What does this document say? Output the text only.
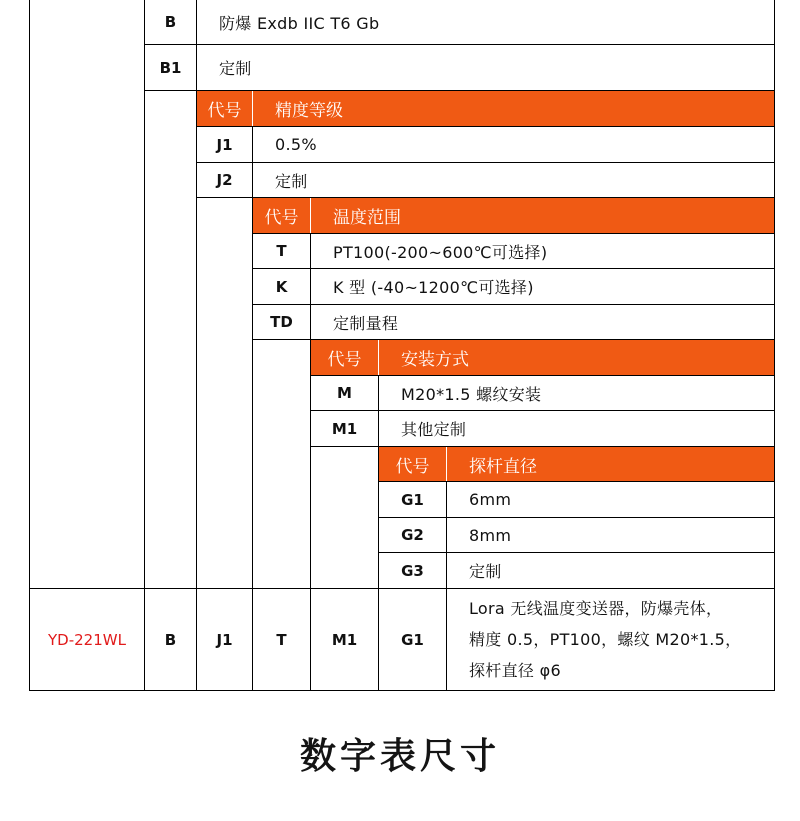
B	防爆 Exdb IIC T6 Gb
B1	定制
代号	精度等级
J1	0.5%
J2	定制
代号	温度范围
T	PT100(-200~600℃可选择)
K	K 型 (-40~1200℃可选择)
TD	定制量程
代号	安装方式
M	M20*1.5 螺纹安装
M1	其他定制
代号	探杆直径
G1	6mm
G2	8mm
G3	定制
YD-221WL	B	J1	T	M1	G1
Lora 无线温度变送器，防爆壳体，
精度 0.5，PT100，螺纹 M20*1.5，
探杆直径 φ6
数字表尺寸
